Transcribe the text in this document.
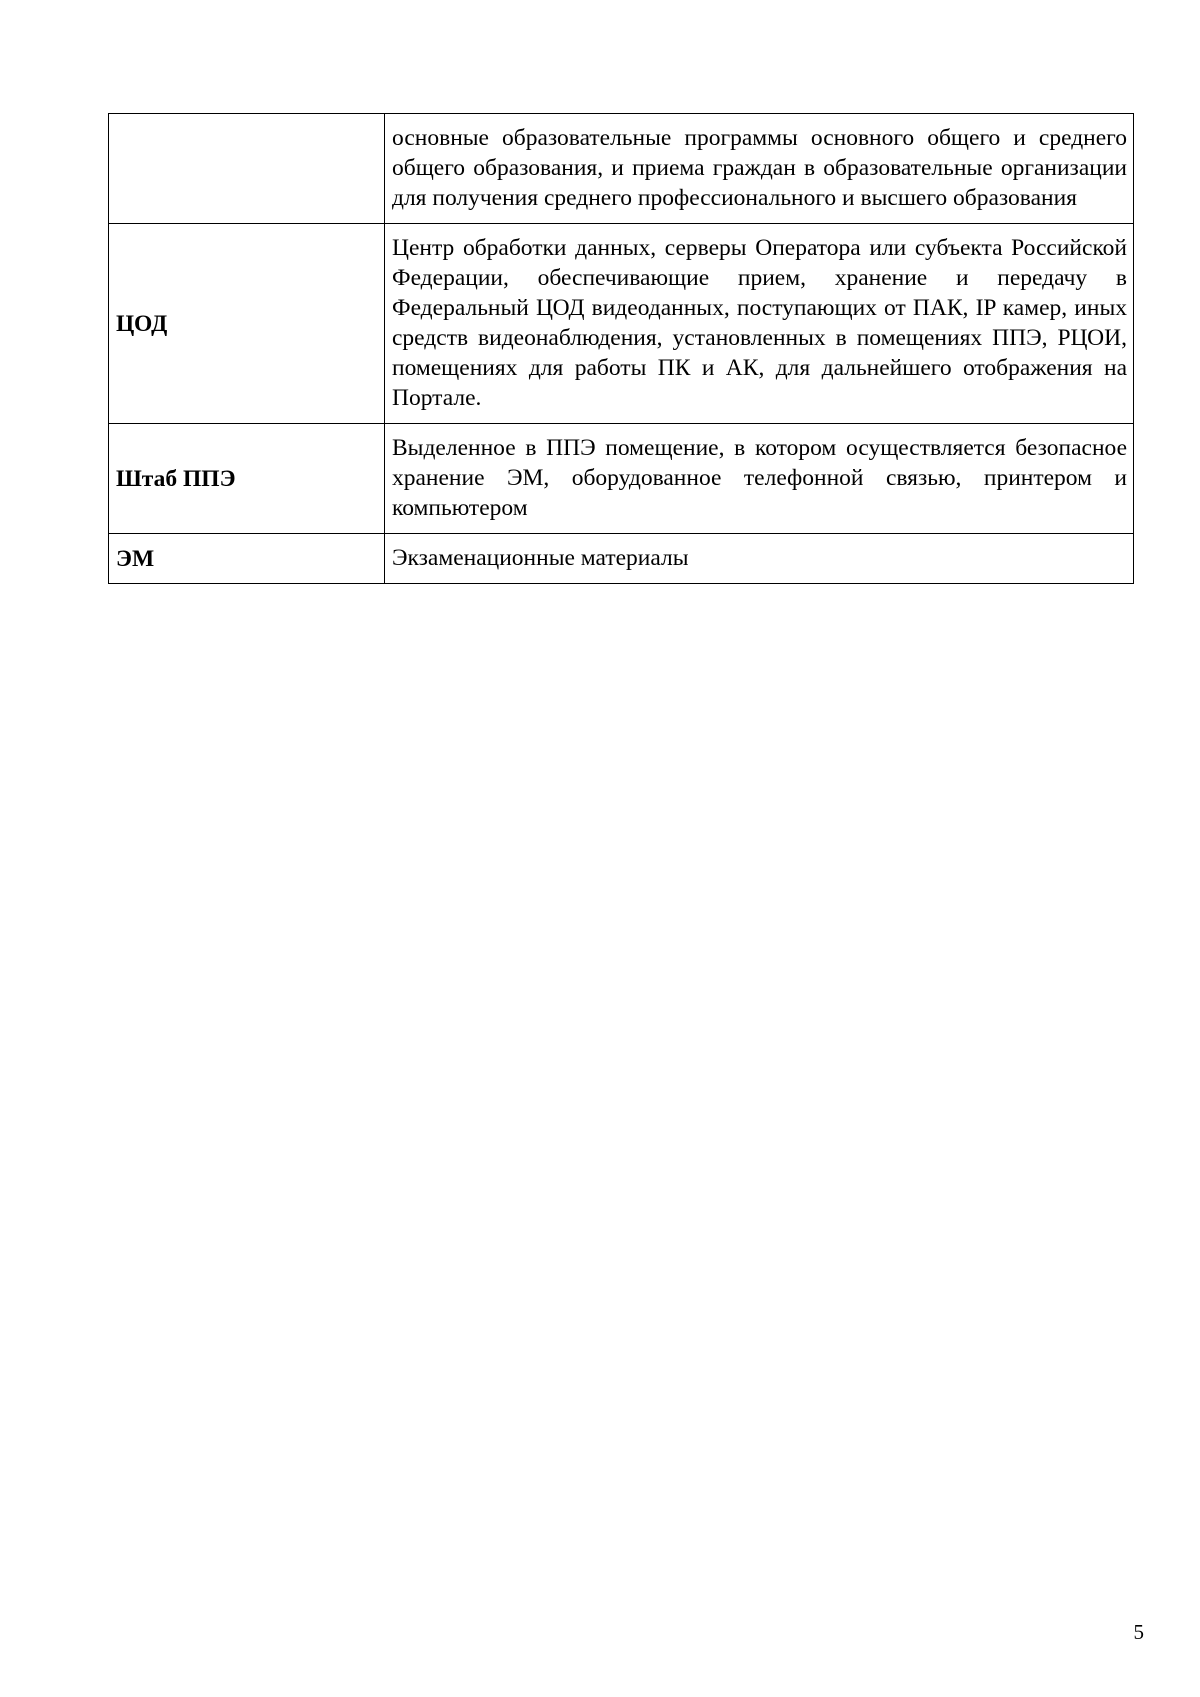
	основные образовательные программы основного общего и среднего общего образования, и приема граждан в образовательные организации для получения среднего профессионального и высшего образования
ЦОД	Центр обработки данных, серверы Оператора или субъекта Российской Федерации, обеспечивающие прием, хранение и передачу в Федеральный ЦОД видеоданных, поступающих от ПАК, IP камер, иных средств видеонаблюдения, установленных в помещениях ППЭ, РЦОИ, помещениях для работы ПК и АК, для дальнейшего отображения на Портале.
Штаб ППЭ	Выделенное в ППЭ помещение, в котором осуществляется безопасное хранение ЭМ, оборудованное телефонной связью, принтером и компьютером
ЭМ	Экзаменационные материалы
5
